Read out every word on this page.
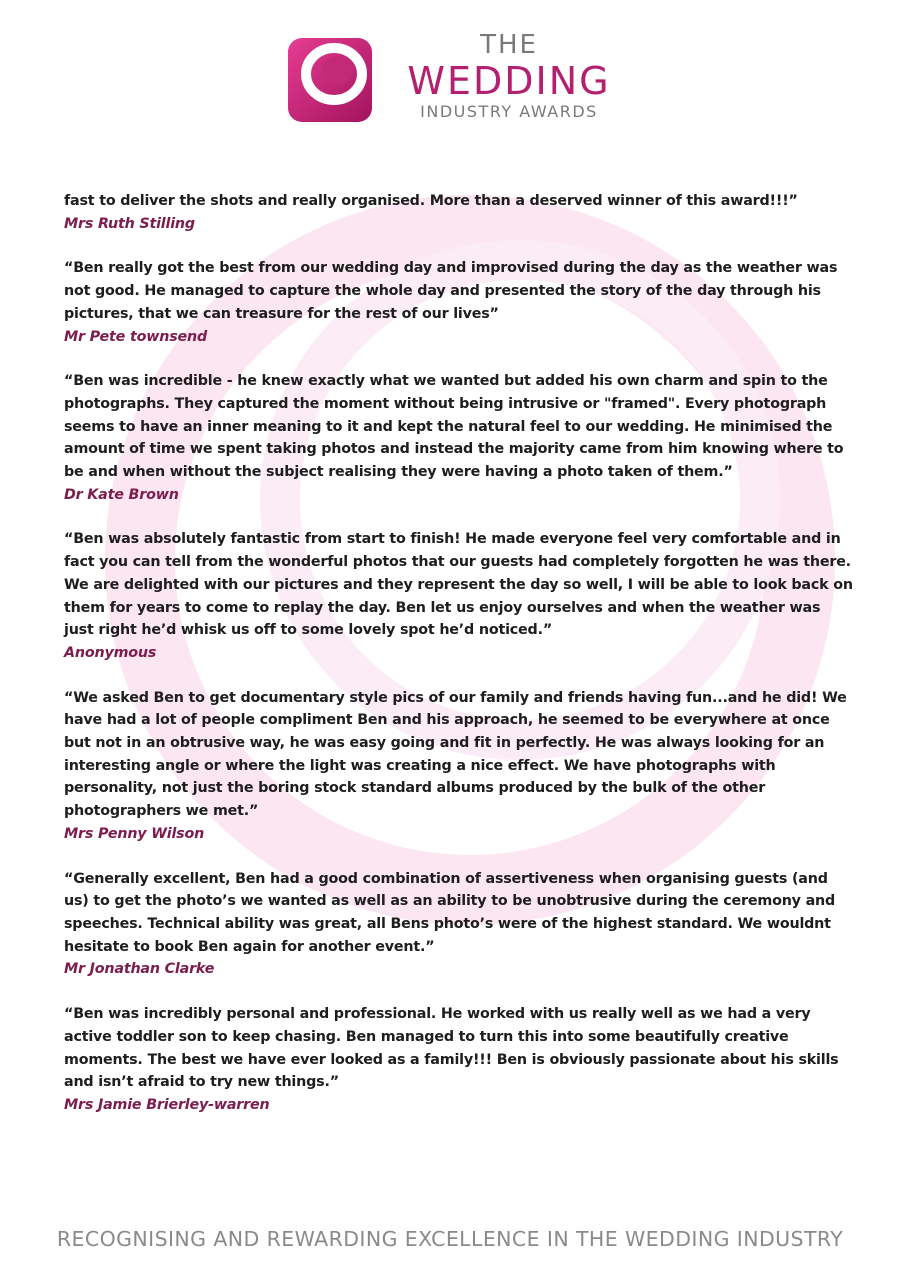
THE
WEDDING
INDUSTRY AWARDS

fast to deliver the shots and really organised. More than a deserved winner of this award!!!”

Mrs Ruth Stilling

“Ben really got the best from our wedding day and improvised during the day as the weather was not good. He managed to capture the whole day and presented the story of the day through his pictures, that we can treasure for the rest of our lives”

Mr Pete townsend

“Ben was incredible - he knew exactly what we wanted but added his own charm and spin to the photographs. They captured the moment without being intrusive or "framed". Every photograph seems to have an inner meaning to it and kept the natural feel to our wedding. He minimised the amount of time we spent taking photos and instead the majority came from him knowing where to be and when without the subject realising they were having a photo taken of them.”

Dr Kate Brown

“Ben was absolutely fantastic from start to finish! He made everyone feel very comfortable and in fact you can tell from the wonderful photos that our guests had completely forgotten he was there. We are delighted with our pictures and they represent the day so well, I will be able to look back on them for years to come to replay the day. Ben let us enjoy ourselves and when the weather was just right he’d whisk us off to some lovely spot he’d noticed.”

Anonymous

“We asked Ben to get documentary style pics of our family and friends having fun...and he did! We have had a lot of people compliment Ben and his approach, he seemed to be everywhere at once but not in an obtrusive way, he was easy going and fit in perfectly. He was always looking for an interesting angle or where the light was creating a nice effect. We have photographs with personality, not just the boring stock standard albums produced by the bulk of the other photographers we met.”

Mrs Penny Wilson

“Generally excellent, Ben had a good combination of assertiveness when organising guests (and us) to get the photo’s we wanted as well as an ability to be unobtrusive during the ceremony and speeches. Technical ability was great, all Bens photo’s were of the highest standard. We wouldnt hesitate to book Ben again for another event.”

Mr Jonathan Clarke

“Ben was incredibly personal and professional. He worked with us really well as we had a very active toddler son to keep chasing. Ben managed to turn this into some beautifully creative moments. The best we have ever looked as a family!!! Ben is obviously passionate about his skills and isn’t afraid to try new things.”

Mrs Jamie Brierley-warren

RECOGNISING AND REWARDING EXCELLENCE IN THE WEDDING INDUSTRY
